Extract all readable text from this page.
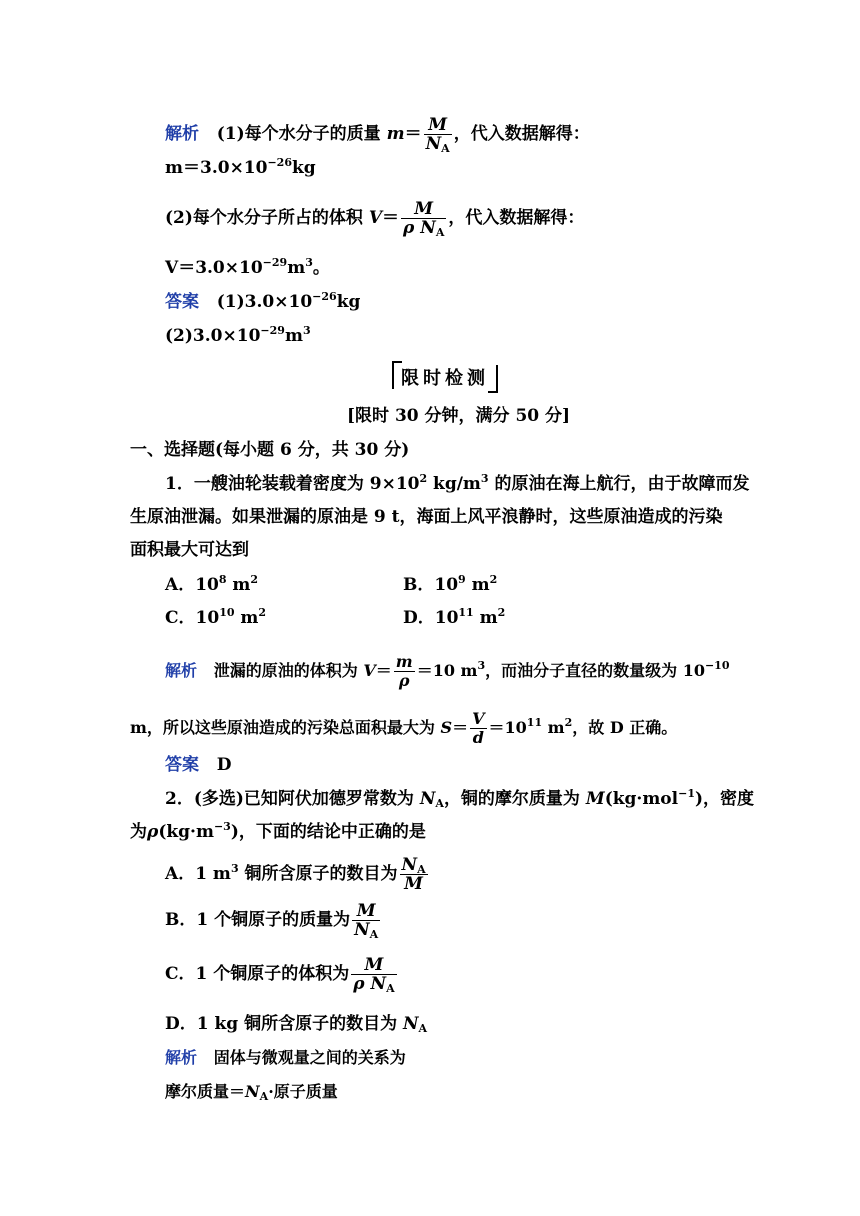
解析 (1)每个水分子的质量 $m= \frac{M}{N_A}$ ，代入数据解得：
$m=3.0\times 10^{-26}kg$
(2)每个水分子所占的体积 $V= \frac{M}{\rho N_A}$ ，代入数据解得：
$V=3.0\times 10^{-29}m^3$。
答案 $(1)3.0\times 10^{-26}kg$
$(2)3.0\times 10^{-29}m^3$
限时检测
[限时 30 分钟，满分 50 分]
一、选择题(每小题 6 分，共 30 分)
1．一艘油轮装载着密度为 $9\times 10^2$ $kg/m^3$ 的原油在海上航行，由于故障而发
生原油泄漏。如果泄漏的原油是 9 t，海面上风平浪静时，这些原油造成的污染
面积最大可达到
A．$10^8$ $m^2$	B．$10^9$ $m^2$
C．$10^{10}$ $m^2$	D．$10^{11}$ $m^2$
解析 泄漏的原油的体积为 $V= \frac{m}{\rho} =10$ $m^3$，而油分子直径的数量级为 $10^{-10}$
m，所以这些原油造成的污染总面积最大为 $S= \frac{V}{d} =10^{11}$ $m^2$，故 D 正确。
答案 D
2．(多选)已知阿伏加德罗常数为 $N_A$，铜的摩尔质量为 M(kg·mol$^{-1}$)，密度
为$\rho(kg\cdot m^{-3})$，下面的结论中正确的是
A．1 $m^3$ 铜所含原子的数目为 $\frac{N_A}{M}$
B．1 个铜原子的质量为 $\frac{M}{N_A}$
C．1 个铜原子的体积为 $\frac{M}{\rho N_A}$
D．1 kg 铜所含原子的数目为 $N_A$
解析 固体与微观量之间的关系为
摩尔质量$=N_A\cdot$原子质量
